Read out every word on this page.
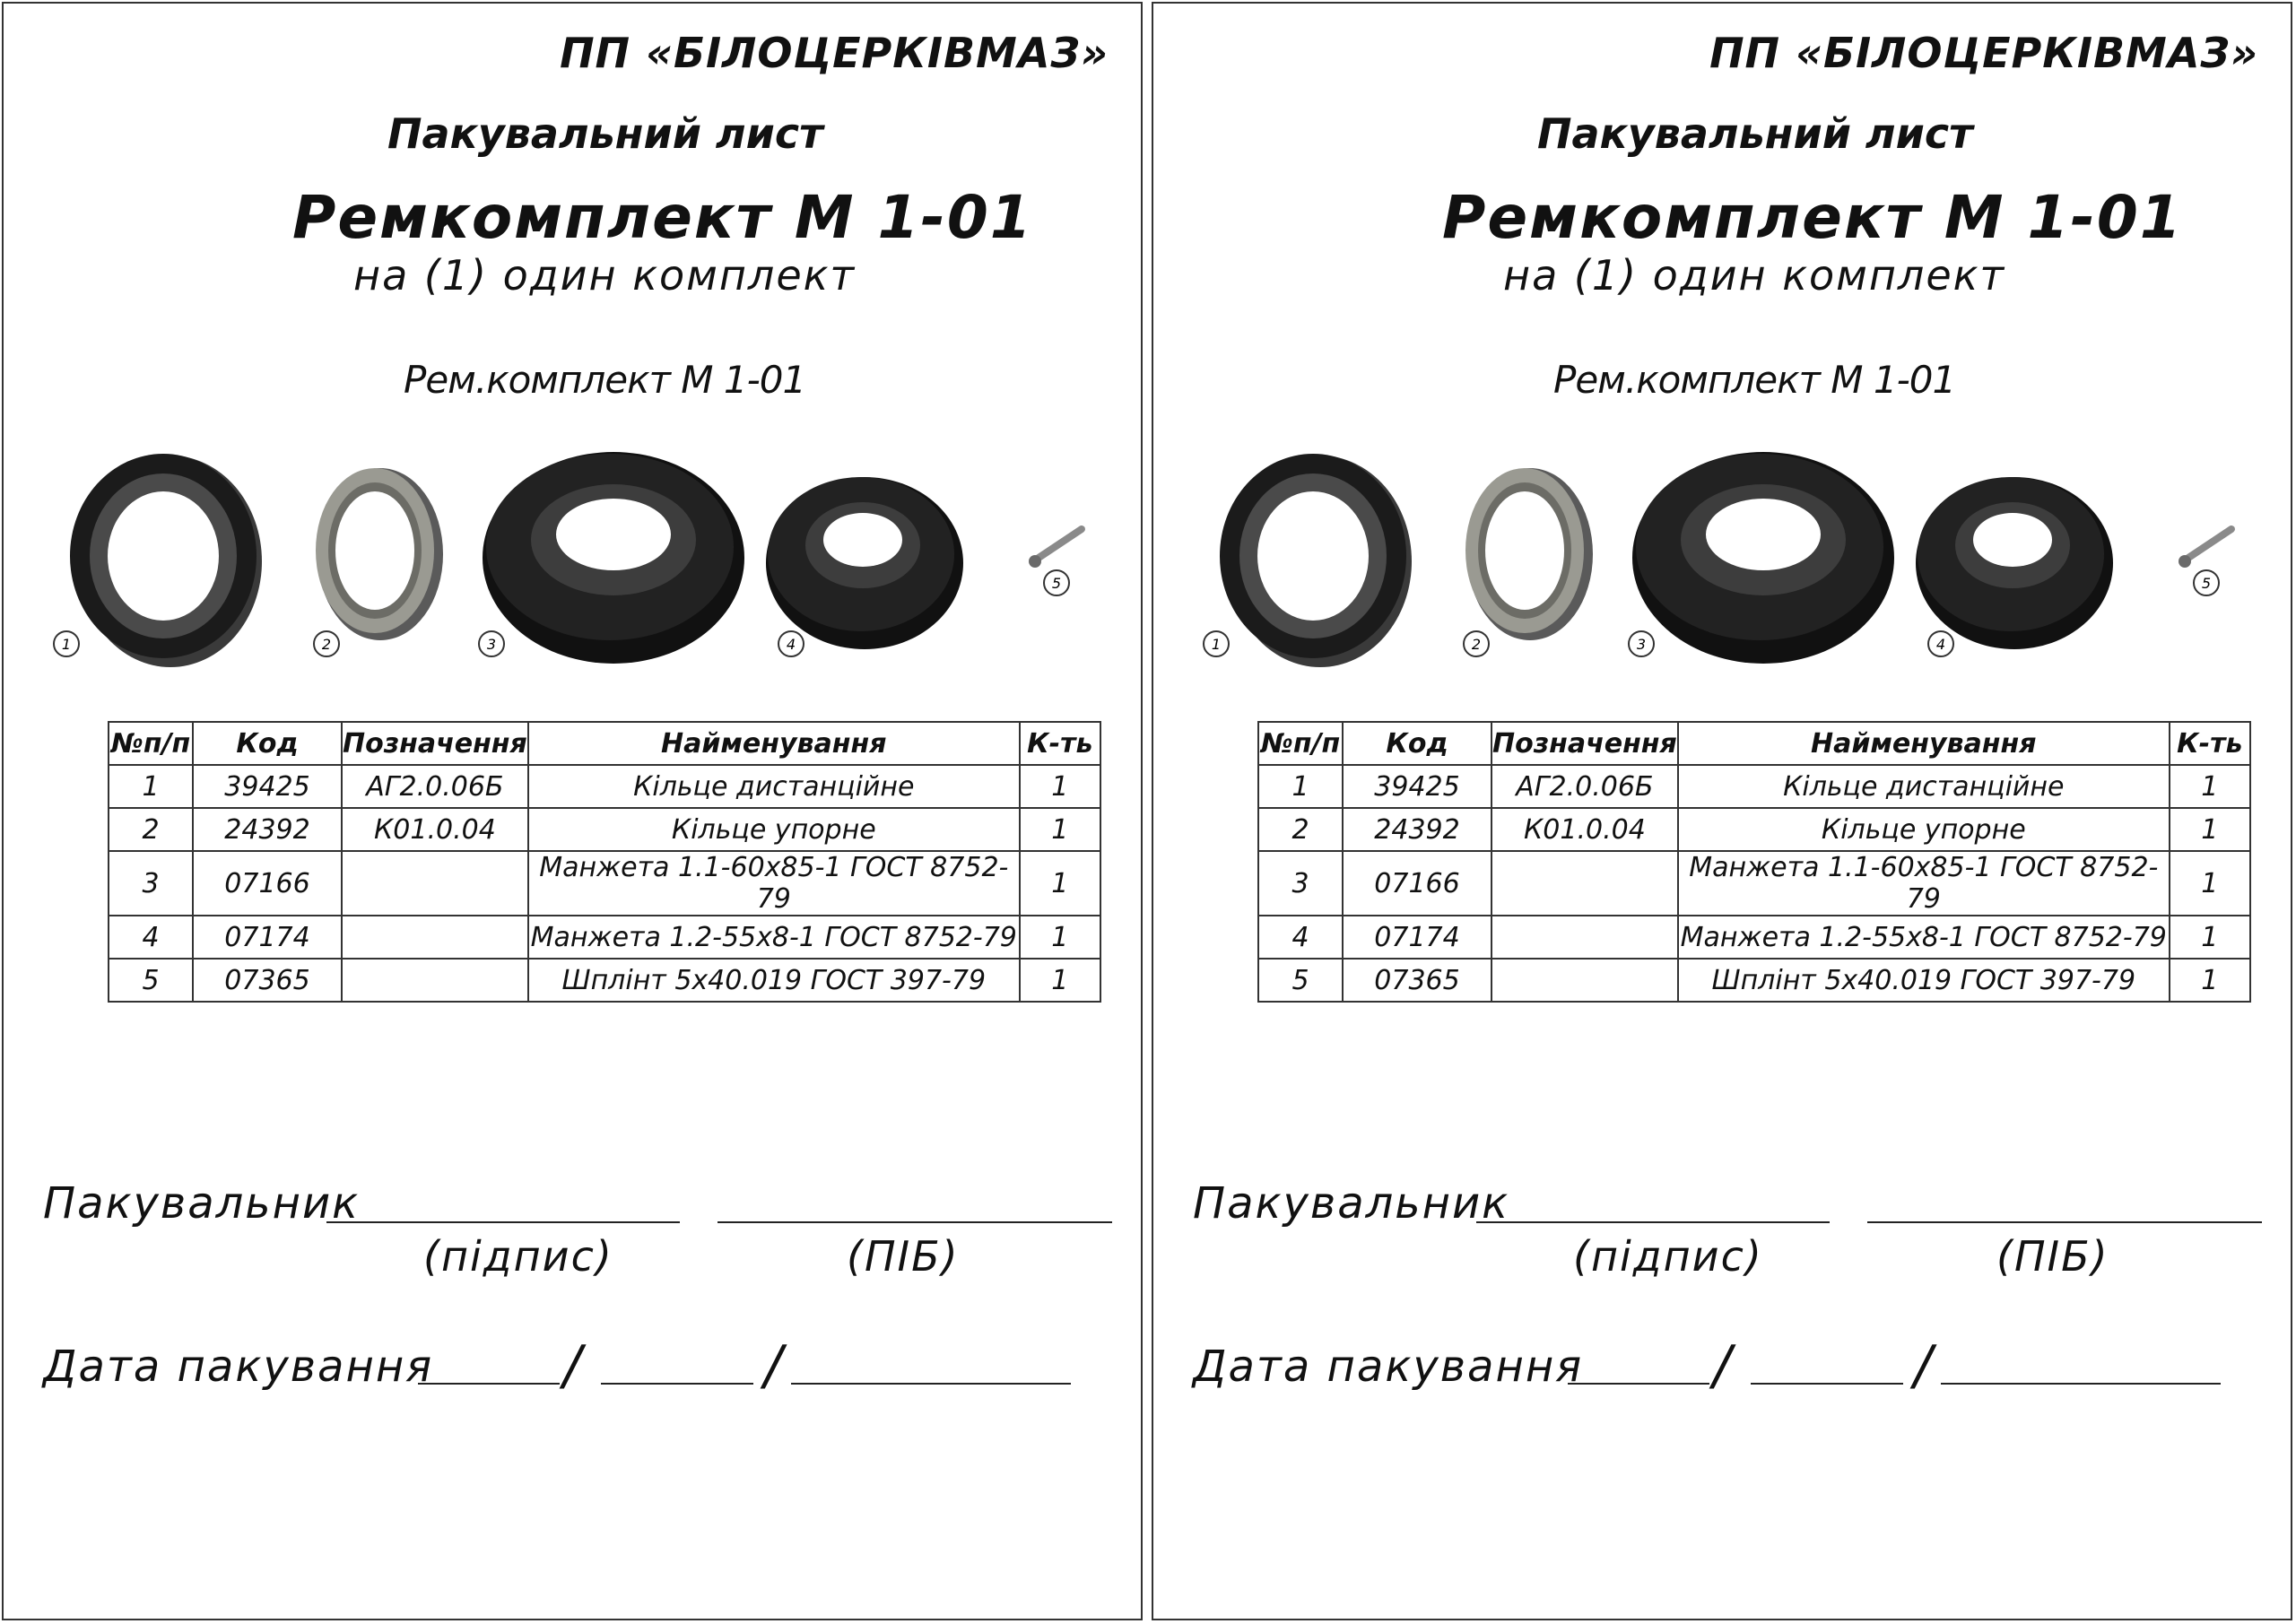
ПП «БІЛОЦЕРКІВМАЗ»
Пакувальний лист
Ремкомплект М 1-01
на (1) один комплект
Рем.комплект М 1-01
1	2	3	4
5
№п/п	Код	Позначення	Найменування	К-ть
1	39425	АГ2.0.06Б	Кільце дистанційне	1
2	24392	К01.0.04	Кільце упорне	1
3	07166		Манжета 1.1-60х85-1 ГОСТ 8752-79	1
4	07174		Манжета 1.2-55х8-1 ГОСТ 8752-79	1
5	07365		Шплінт 5х40.019 ГОСТ 397-79	1
Пакувальник
(підпис)	(ПІБ)
Дата пакування /	/
ПП «БІЛОЦЕРКІВМАЗ»
Пакувальний лист
Ремкомплект М 1-01
на (1) один комплект
Рем.комплект М 1-01
1	2	3	4
5
№п/п	Код	Позначення	Найменування	К-ть
1	39425	АГ2.0.06Б	Кільце дистанційне	1
2	24392	К01.0.04	Кільце упорне	1
3	07166		Манжета 1.1-60х85-1 ГОСТ 8752-79	1
4	07174		Манжета 1.2-55х8-1 ГОСТ 8752-79	1
5	07365		Шплінт 5х40.019 ГОСТ 397-79	1
Пакувальник
(підпис)	(ПІБ)
Дата пакування /	/
